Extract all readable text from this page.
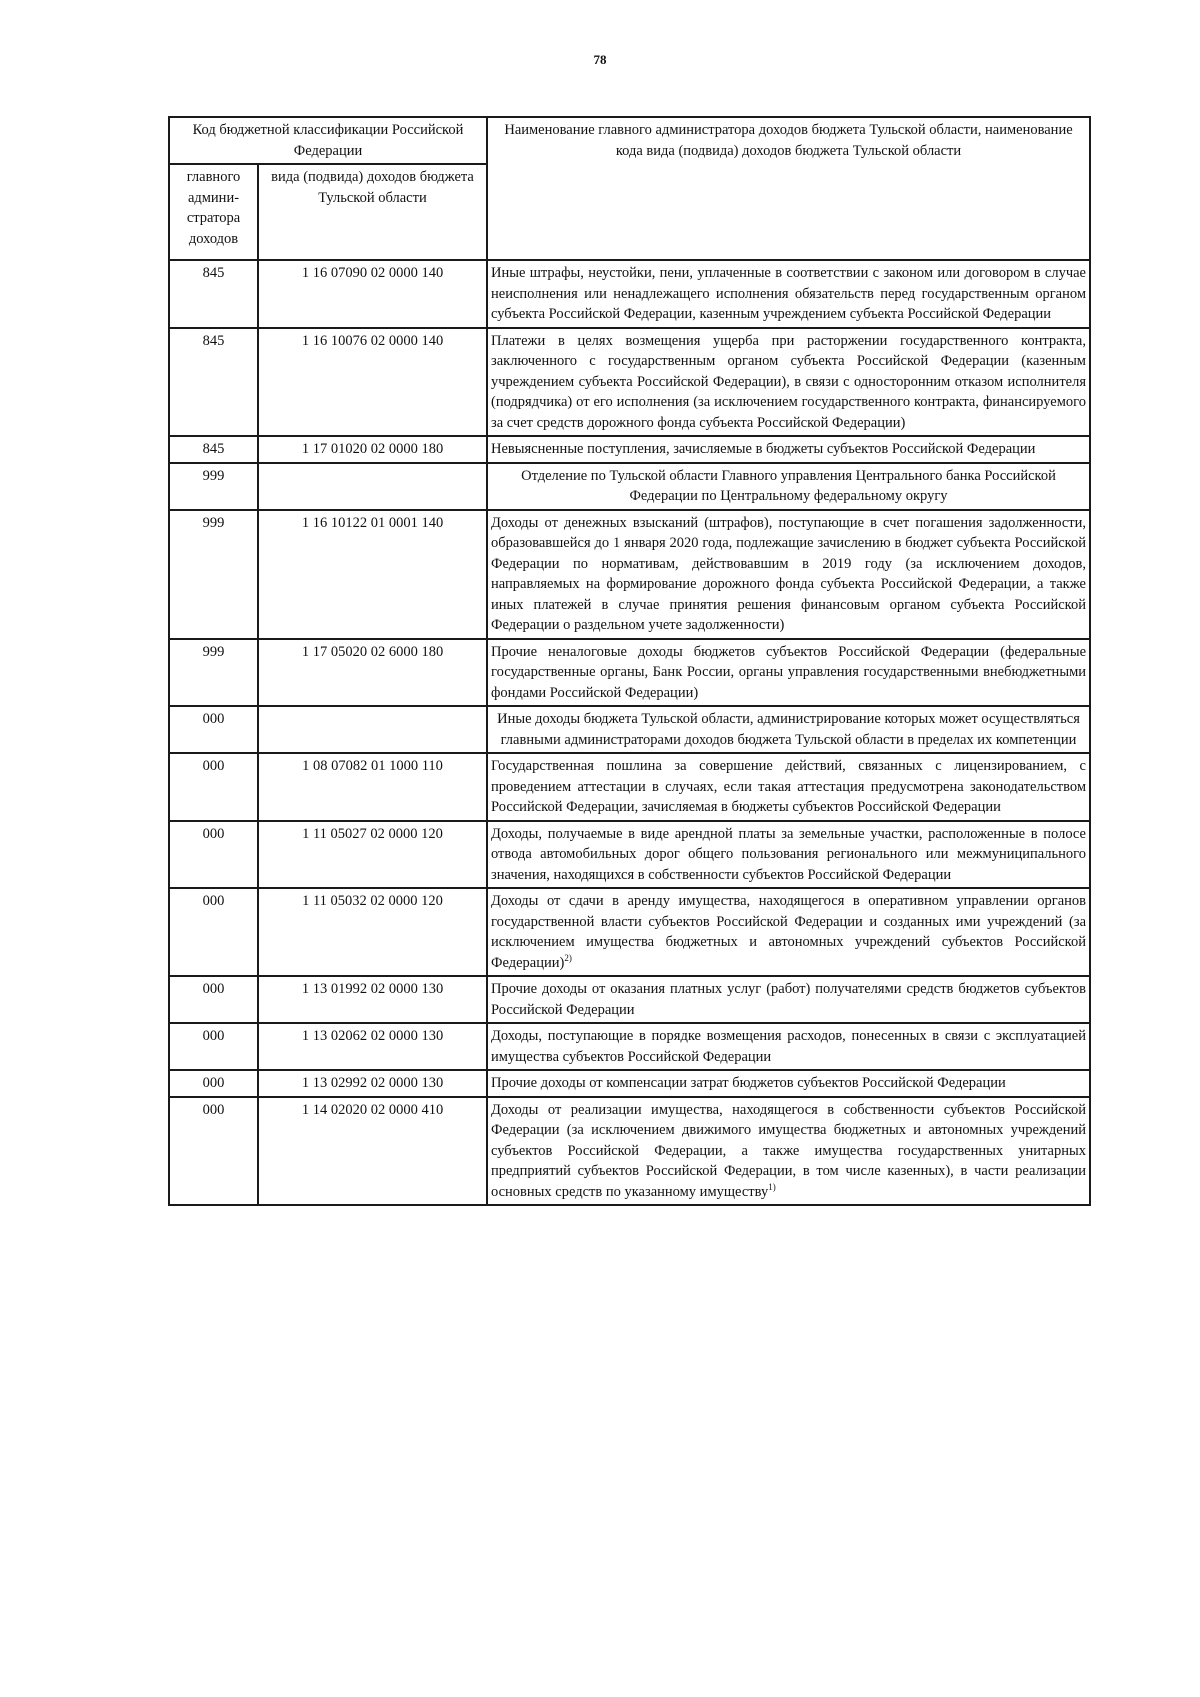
78
Код бюджетной классификации Российской Федерации		Наименование главного администратора доходов бюджета Тульской области, наименование кода вида (подвида) доходов бюджета Тульской области
главного админи- стратора доходов	вида (подвида) доходов бюджета Тульской области	
845	1 16 07090 02 0000 140	Иные штрафы, неустойки, пени, уплаченные в соответствии с законом или договором в случае неисполнения или ненадлежащего исполнения обязательств перед государственным органом субъекта Российской Федерации, казенным учреждением субъекта Российской Федерации
845	1 16 10076 02 0000 140	Платежи в целях возмещения ущерба при расторжении государственного контракта, заключенного с государственным органом субъекта Российской Федерации (казенным учреждением субъекта Российской Федерации), в связи с односторонним отказом исполнителя (подрядчика) от его исполнения (за исключением государственного контракта, финансируемого за счет средств дорожного фонда субъекта Российской Федерации)
845	1 17 01020 02 0000 180	Невыясненные поступления, зачисляемые в бюджеты субъектов Российской Федерации
999		Отделение по Тульской области Главного управления Центрального банка Российской Федерации по Центральному федеральному округу
999	1 16 10122 01 0001 140	Доходы от денежных взысканий (штрафов), поступающие в счет погашения задолженности, образовавшейся до 1 января 2020 года, подлежащие зачислению в бюджет субъекта Российской Федерации по нормативам, действовавшим в 2019 году (за исключением доходов, направляемых на формирование дорожного фонда субъекта Российской Федерации, а также иных платежей в случае принятия решения финансовым органом субъекта Российской Федерации о раздельном учете задолженности)
999	1 17 05020 02 6000 180	Прочие неналоговые доходы бюджетов субъектов Российской Федерации (федеральные государственные органы, Банк России, органы управления государственными внебюджетными фондами Российской Федерации)
000		Иные доходы бюджета Тульской области, администрирование которых может осуществляться главными администраторами доходов бюджета Тульской области в пределах их компетенции
000	1 08 07082 01 1000 110	Государственная пошлина за совершение действий, связанных с лицензированием, с проведением аттестации в случаях, если такая аттестация предусмотрена законодательством Российской Федерации, зачисляемая в бюджеты субъектов Российской Федерации
000	1 11 05027 02 0000 120	Доходы, получаемые в виде арендной платы за земельные участки, расположенные в полосе отвода автомобильных дорог общего пользования регионального или межмуниципального значения, находящихся в собственности субъектов Российской Федерации
000	1 11 05032 02 0000 120	Доходы от сдачи в аренду имущества, находящегося в оперативном управлении органов государственной власти субъектов Российской Федерации и созданных ими учреждений (за исключением имущества бюджетных и автономных учреждений субъектов Российской Федерации)$^{2)}$
000	1 13 01992 02 0000 130	Прочие доходы от оказания платных услуг (работ) получателями средств бюджетов субъектов Российской Федерации
000	1 13 02062 02 0000 130	Доходы, поступающие в порядке возмещения расходов, понесенных в связи с эксплуатацией имущества субъектов Российской Федерации
000	1 13 02992 02 0000 130	Прочие доходы от компенсации затрат бюджетов субъектов Российской Федерации
000	1 14 02020 02 0000 410	Доходы от реализации имущества, находящегося в собственности субъектов Российской Федерации (за исключением движимого имущества бюджетных и автономных учреждений субъектов Российской Федерации, а также имущества государственных унитарных предприятий субъектов Российской Федерации, в том числе казенных), в части реализации основных средств по указанному имуществу$^{1)}$
